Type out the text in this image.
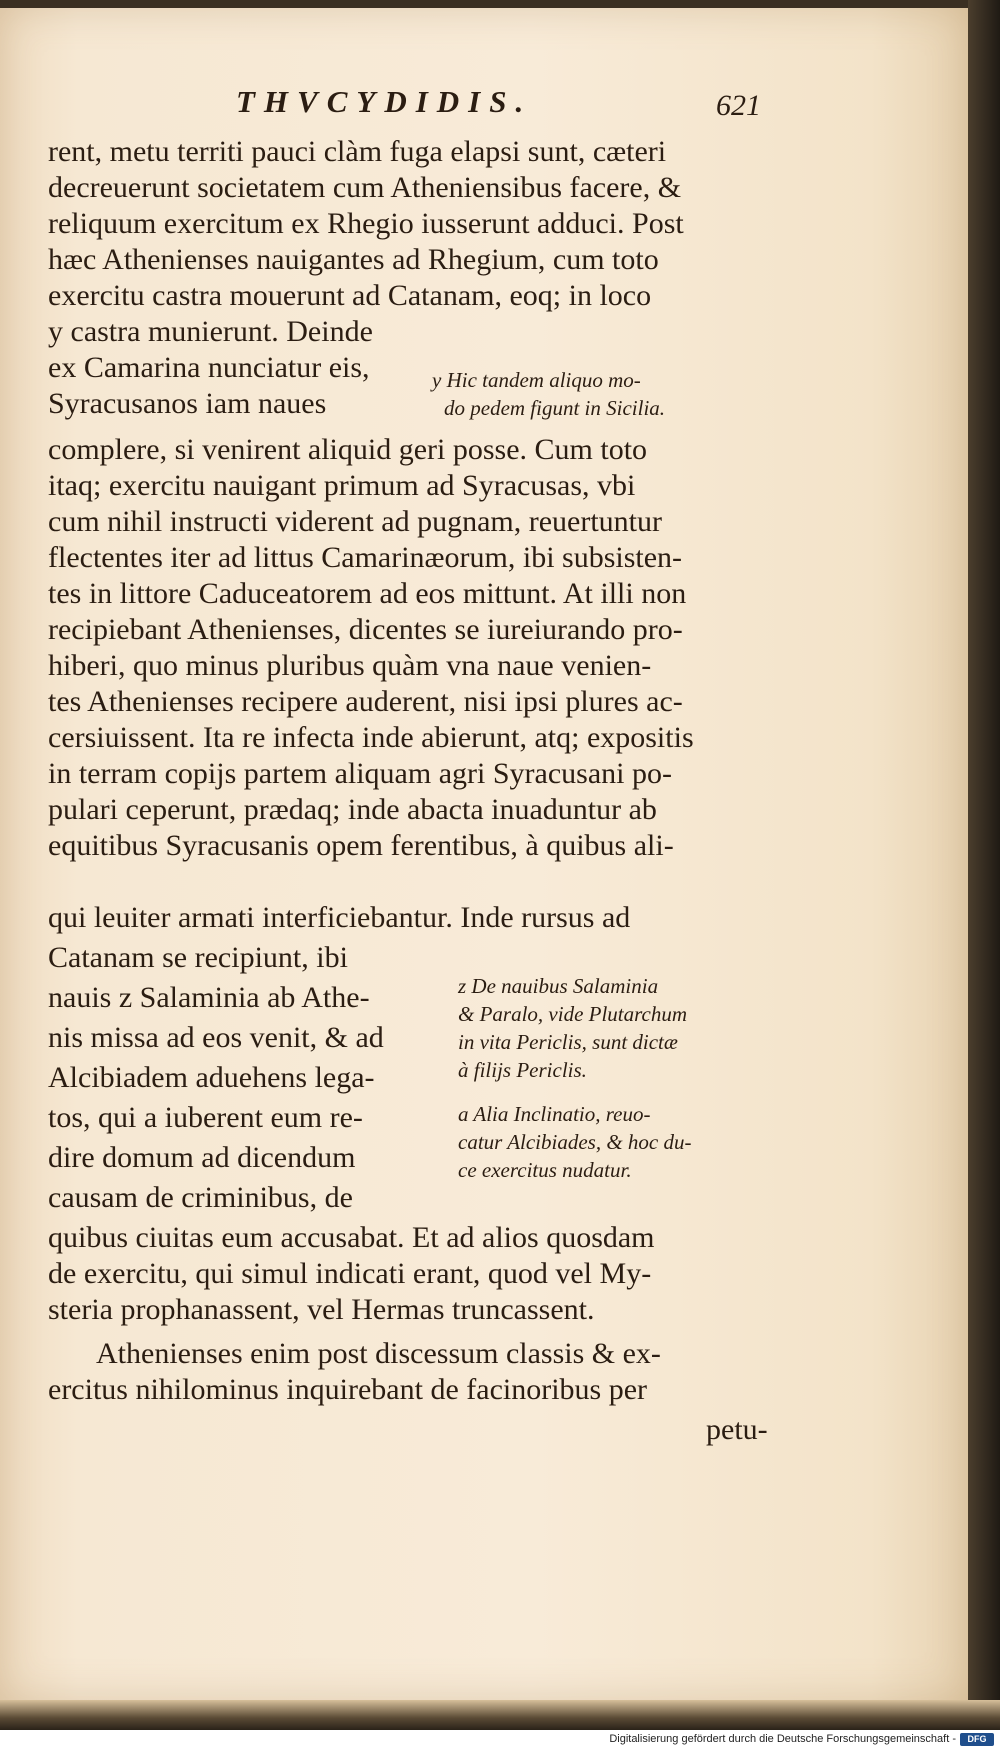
THVCYDIDIS.	621
rent, metu territi pauci clàm fuga elapsi sunt, cæteri
decreuerunt societatem cum Atheniensibus facere, &
reliquum exercitum ex Rhegio iusserunt adduci. Post
hæc Athenienses nauigantes ad Rhegium, cum toto
exercitu castra mouerunt ad Catanam, eoq; in loco
y castra munierunt. Deinde
ex Camarina nunciatur eis,
Syracusanos iam naues
complere, si venirent aliquid geri posse. Cum toto
itaq; exercitu nauigant primum ad Syracusas, vbi
cum nihil instructi viderent ad pugnam, reuertuntur
flectentes iter ad littus Camarinæorum, ibi subsisten-
tes in littore Caduceatorem ad eos mittunt. At illi non
recipiebant Athenienses, dicentes se iureiurando pro-
hiberi, quo minus pluribus quàm vna naue venien-
tes Athenienses recipere auderent, nisi ipsi plures ac-
cersiuissent. Ita re infecta inde abierunt, atq; expositis
in terram copijs partem aliquam agri Syracusani po-
pulari ceperunt, prædaq; inde abacta inuaduntur ab
equitibus Syracusanis opem ferentibus, à quibus ali-
qui leuiter armati interficiebantur. Inde rursus ad
Catanam se recipiunt, ibi
nauis z Salaminia ab Athe-
nis missa ad eos venit, & ad
Alcibiadem aduehens lega-
tos, qui a iuberent eum re-
dire domum ad dicendum
causam de criminibus, de
quibus ciuitas eum accusabat. Et ad alios quosdam
de exercitu, qui simul indicati erant, quod vel My-
steria prophanassent, vel Hermas truncassent.
Athenienses enim post discessum classis & ex-
ercitus nihilominus inquirebant de facinoribus per
petu-
y Hic tandem aliquo mo-
do pedem figunt in Sicilia.
z De nauibus Salaminia
& Paralo, vide Plutarchum
in vita Periclis, sunt dictæ
à filijs Periclis.
a Alia Inclinatio, reuo-
catur Alcibiades, & hoc du-
ce exercitus nudatur.
Digitalisierung gefördert durch die Deutsche Forschungsgemeinschaft -	DFG
